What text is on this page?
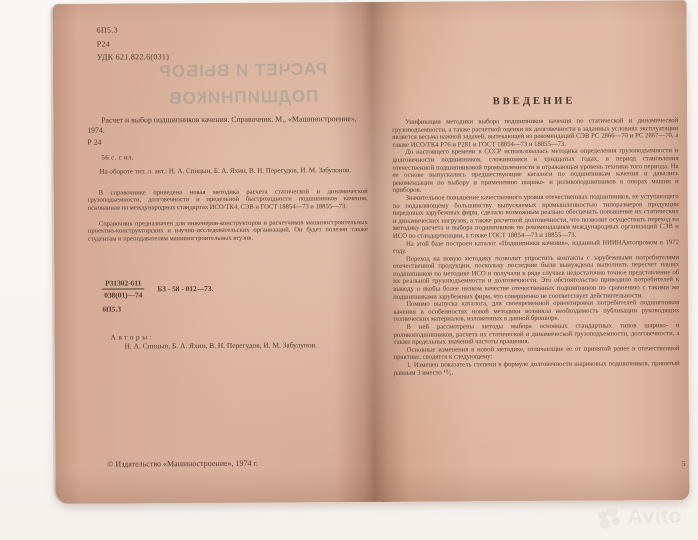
6П5.3
Р24
УДК 621.822.6(031)
РАСЧЕТ И ВЫБОР
ПОДШИПНИКОВ
Расчет и выбор подшипников качения. Справочник. М., «Машиностроение», 1974.
Р 24
56 с. с ил.
На обороте тит. л. авт.: Н. А. Спицын, Б. А. Яхин, В. Н. Перегудов, И. М. Забулонов.
В справочнике приведена новая методика расчета статической и динамической грузоподъемности, долговечности и предельной быстроходности подшипников качения, основанная на международных стандартах ИСО/ТК4, СЭВ и ГОСТ 18854—73 и 18855—73.
Справочник предназначен для инженеров-конструкторов и расчетчиков машиностроительных проектно-конструкторских и научно-исследовательских организаций. Он будет полезен также студентам и преподавателям машиностроительных втузов.
$\frac{Р31302-611}{038(01)—74} Б3 - 58$ - 012—73.
6П5.3
Авторы:
Н. А. Спицын, Б. А. Яхин, В. Н. Перегудов, И. М. Забулунов.
© Издательство «Машиностроение», 1974 г.
ВВЕДЕНИЕ

Унификация методики выбора подшипников качения по статической и динамической грузоподъемности, а также расчетной оценки их долговечности в заданных условиях эксплуатации является весьма важной задачей, вытекающей из рекомендаций СЭВ РС 2866—70 и РС 2867—70, а также ИСО/ТК4 Р76 и Р281 и ГОСТ 18854—73 и 18855—73.

До настоящего времени в СССР использовалась методика определения грузоподъемности и долговечности подшипников, сложившаяся в тридцатых годах, в период становления отечественной подшипниковой промышленности и отражающая уровень техники того периода. На ее основе выпускались предшествующие каталоги по подшипникам качения и давались рекомендации по выбору и применению шарико- и роликоподшипников в опорах машин и приборов.

Значительное повышение качественного уровня отечественных подшипников, не уступающего по подавляющему большинству выпускаемых промышленностью типоразмеров продукции передовых зарубежных фирм, сделало возможным реально обеспечить повышение их статических и динамических нагрузок, а также расчетной долговечности, что позволит осуществить переход на методику расчета и выбора подшипников по рекомендациям международных организаций СЭВ и ИСО по стандартизации, а также ГОСТ 18854—73 и 18855—73.

На этой базе построен каталог «Подшипники качения», изданный НИИНАвтопромом в 1972 году.

Переход на новую методику позволит упростить контакты с зарубежными потребителями отечественной продукции, поскольку последние были вынуждены выполнить пересчет наших подшипников по методике ИСО и получали в ряде случаев недостаточно точное представление об их реальной грузоподъемности и долговечности. Это обстоятельство приводило потребителей к выводу о якобы более низком качестве отечественных подшипников по сравнению с такими же подшипниками зарубежных фирм, что совершенно не соответствует действительности.

Помимо выпуска каталога, для своевременной ориентировки потребителей подшипников качения в особенностях новой методики возникла необходимость публикации руководящих технических материалов, изложенных в данной брошюре.

В ней рассмотрены методы выбора основных стандартных типов шарико- и роликоподшипников, расчета их статической и динамической грузоподъемности, долговечности, а также предельных значений частоты вращения.

Основные изменения в новой методике, отличающие ее от принятой ранее в отечественной практике, сводятся к следующему:

1. Изменен показатель степени в формуле долговечности шариковых подшипников, принятый равным 3 вместо ¹⁰⁄₃.

5
Avito
